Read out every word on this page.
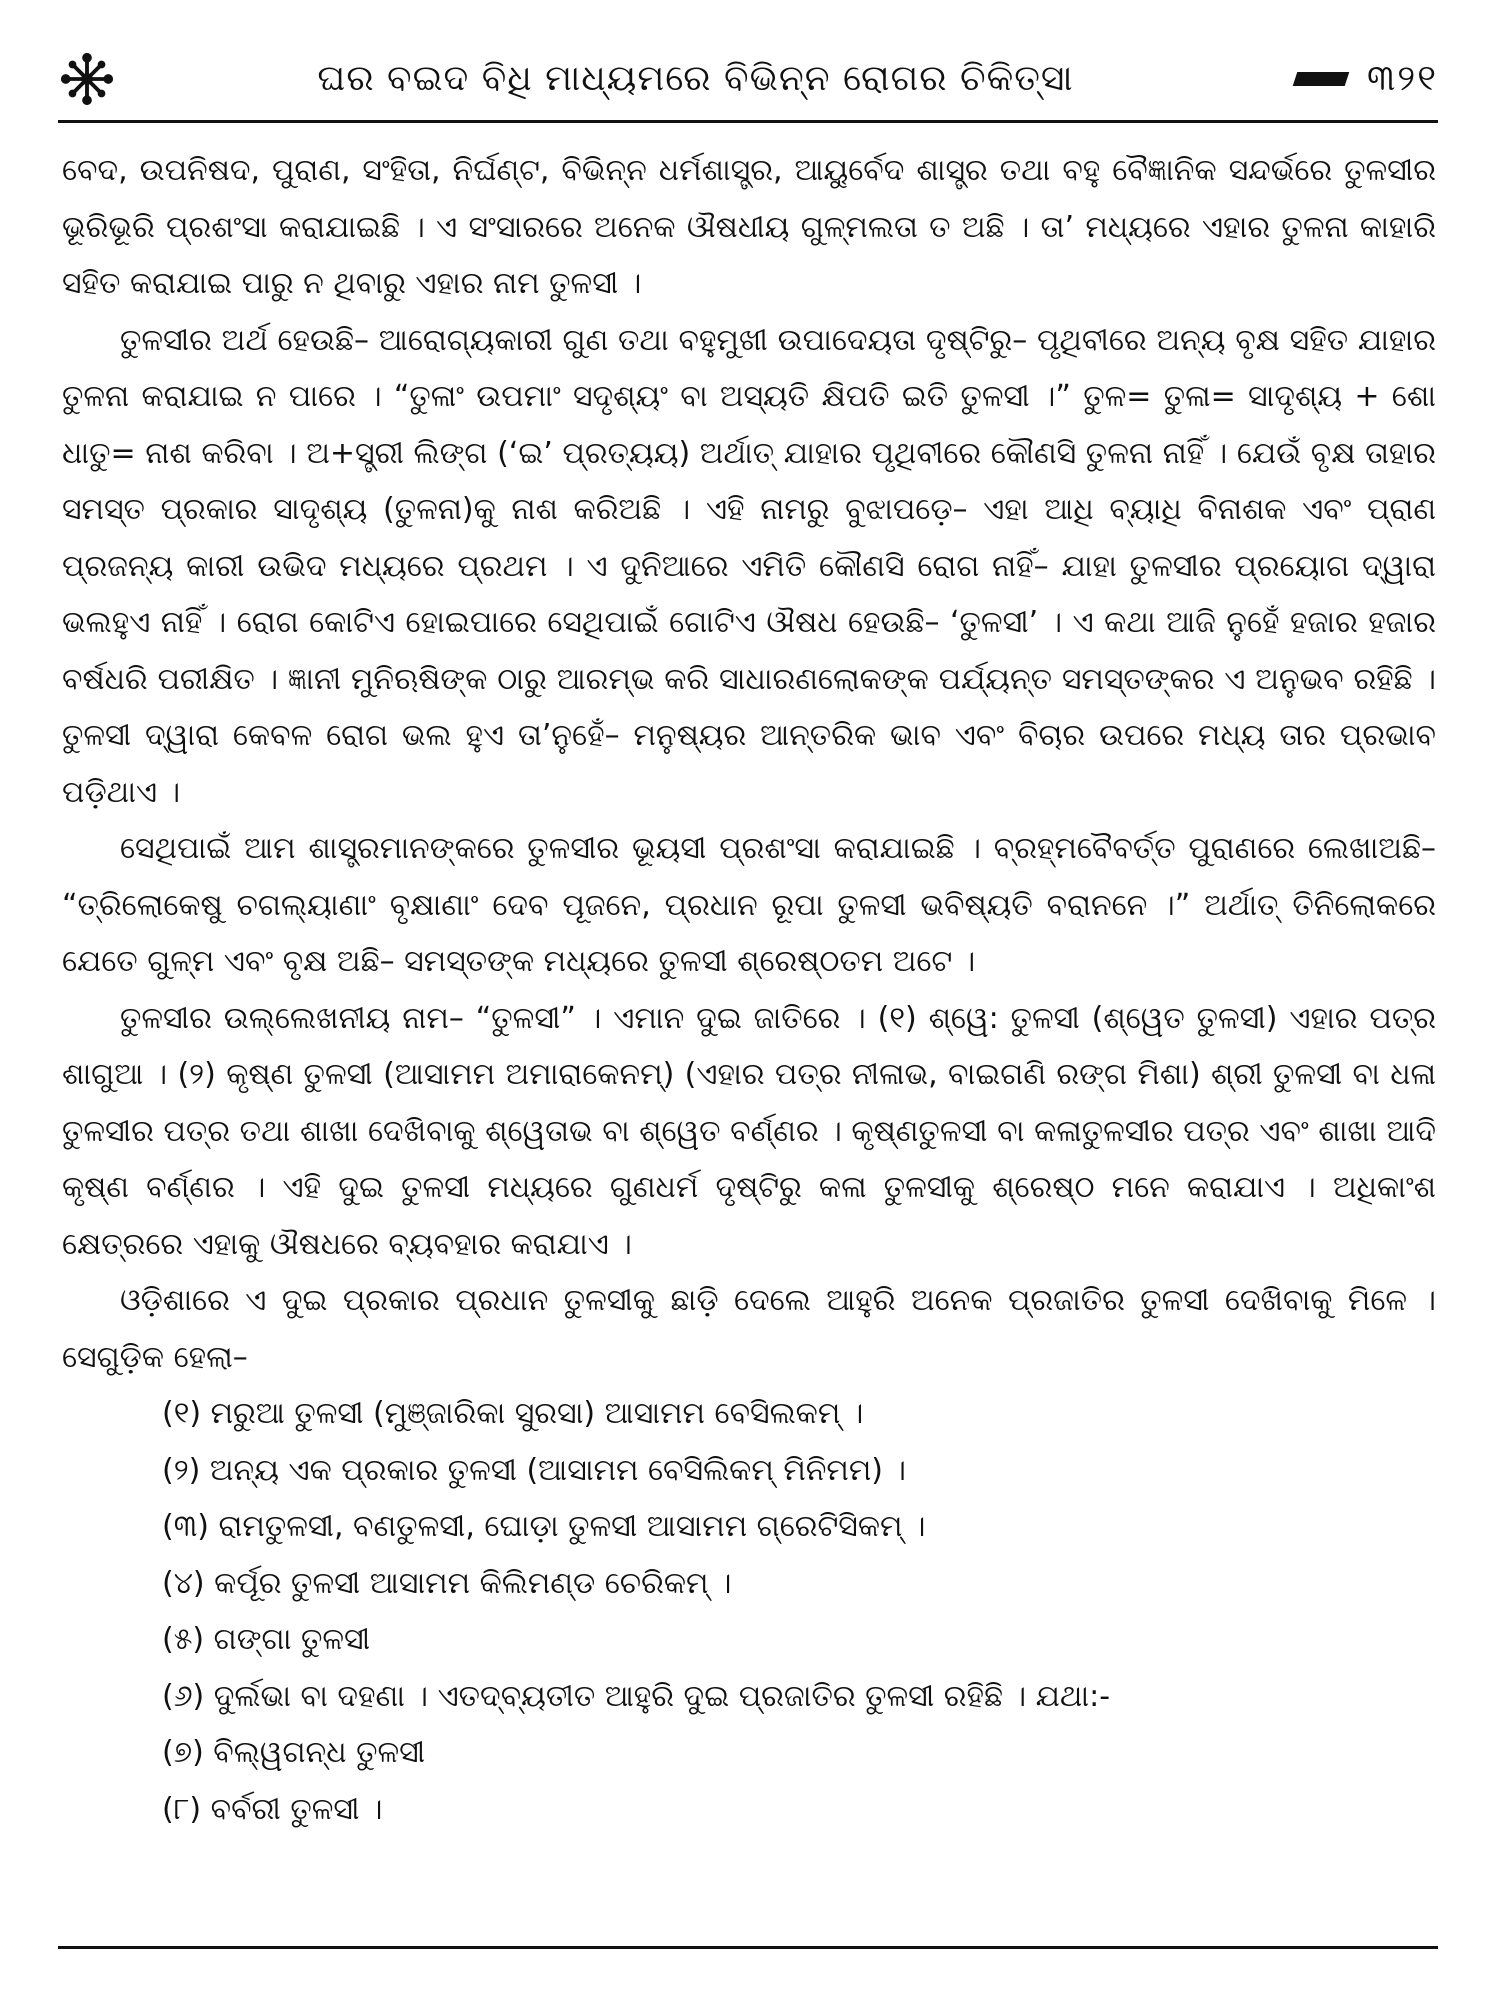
ଘର ବଇଦ ବିଧି ମାଧ୍ୟମରେ ବିଭିନ୍ନ ରୋଗର ଚିକିତ୍ସା	୩୨୧

ବେଦ, ଉପନିଷଦ, ପୁରାଣ, ସଂହିତା, ନିର୍ଘଣ୍ଟ, ବିଭିନ୍ନ ଧର୍ମଶାସ୍ତ୍ର, ଆୟୁର୍ବେଦ ଶାସ୍ତ୍ର ତଥା ବହୁ ବୈଜ୍ଞାନିକ ସନ୍ଦର୍ଭରେ ତୁଳସୀର ଭୂରିଭୂରି ପ୍ରଶଂସା କରାଯାଇଛି । ଏ ସଂସାରରେ ଅନେକ ଔଷଧୀୟ ଗୁଳ୍ମଲତା ତ ଅଛି । ତା’ ମଧ୍ୟରେ ଏହାର ତୁଳନା କାହାରି ସହିତ କରାଯାଇ ପାରୁ ନ ଥିବାରୁ ଏହାର ନାମ ତୁଳସୀ ।

ତୁଳସୀର ଅର୍ଥ ହେଉଛି– ଆରୋଗ୍ୟକାରୀ ଗୁଣ ତଥା ବହୁମୁଖୀ ଉପାଦେୟତା ଦୃଷ୍ଟିରୁ– ପୃଥିବୀରେ ଅନ୍ୟ ବୃକ୍ଷ ସହିତ ଯାହାର ତୁଳନା କରାଯାଇ ନ ପାରେ । “ତୁଳାଂ ଉପମାଂ ସଦୃଶ୍ୟଂ ବା ଅସ୍ୟତି କ୍ଷିପତି ଇତି ତୁଳସୀ ।” ତୁଳ= ତୁଳା= ସାଦୃଶ୍ୟ + ଶୋ ଧାତୁ= ନାଶ କରିବା । ଅ+ସ୍ତ୍ରୀ ଲିଙ୍ଗ (‘ଇ’ ପ୍ରତ୍ୟୟ) ଅର୍ଥାତ୍ ଯାହାର ପୃଥିବୀରେ କୌଣସି ତୁଳନା ନାହିଁ । ଯେଉଁ ବୃକ୍ଷ ତାହାର ସମସ୍ତ ପ୍ରକାର ସାଦୃଶ୍ୟ (ତୁଳନା)କୁ ନାଶ କରିଅଛି । ଏହି ନାମରୁ ବୁଝାପଡ଼େ– ଏହା ଆଧି ବ୍ୟାଧି ବିନାଶକ ଏବଂ ପ୍ରାଣ ପ୍ରଜନ୍ୟ କାରୀ ଉଭିଦ ମଧ୍ୟରେ ପ୍ରଥମ । ଏ ଦୁନିଆରେ ଏମିତି କୌଣସି ରୋଗ ନାହିଁ– ଯାହା ତୁଳସୀର ପ୍ରୟୋଗ ଦ୍ୱାରା ଭଲହୁଏ ନାହିଁ । ରୋଗ କୋଟିଏ ହୋଇପାରେ ସେଥିପାଇଁ ଗୋଟିଏ ଔଷଧ ହେଉଛି– ‘ତୁଳସୀ’ । ଏ କଥା ଆଜି ନୁହେଁ ହଜାର ହଜାର ବର୍ଷଧରି ପରୀକ୍ଷିତ । ଜ୍ଞାନୀ ମୁନିଋଷିଙ୍କ ଠାରୁ ଆରମ୍ଭ କରି ସାଧାରଣଲୋକଙ୍କ ପର୍ଯ୍ୟନ୍ତ ସମସ୍ତଙ୍କର ଏ ଅନୁଭବ ରହିଛି । ତୁଳସୀ ଦ୍ୱାରା କେବଳ ରୋଗ ଭଲ ହୁଏ ତା’ନୁହେଁ– ମନୁଷ୍ୟର ଆନ୍ତରିକ ଭାବ ଏବଂ ବିଚାର ଉପରେ ମଧ୍ୟ ତାର ପ୍ରଭାବ ପଡ଼ିଥାଏ ।

ସେଥିପାଇଁ ଆମ ଶାସ୍ତ୍ରମାନଙ୍କରେ ତୁଳସୀର ଭୂୟସୀ ପ୍ରଶଂସା କରାଯାଇଛି । ବ୍ରହ୍ମବୈବର୍ତ୍ତ ପୁରାଣରେ ଲେଖାଅଛି– “ତ୍ରିଲୋକେଷୁ ଚଗଲ୍ୟାଣାଂ ବୃକ୍ଷାଣାଂ ଦେବ ପୂଜନେ, ପ୍ରଧାନ ରୂପା ତୁଳସୀ ଭବିଷ୍ୟତି ବରାନନେ ।” ଅର୍ଥାତ୍ ତିନିଲୋକରେ ଯେତେ ଗୁଳ୍ମ ଏବଂ ବୃକ୍ଷ ଅଛି– ସମସ୍ତଙ୍କ ମଧ୍ୟରେ ତୁଳସୀ ଶ୍ରେଷ୍ଠତମ ଅଟେ ।

ତୁଳସୀର ଉଲ୍ଲେଖନୀୟ ନାମ– “ତୁଳସୀ” । ଏମାନ ଦୁଇ ଜାତିରେ । (୧) ଶ୍ୱେ: ତୁଳସୀ (ଶ୍ୱେତ ତୁଳସୀ) ଏହାର ପତ୍ର ଶାଗୁଆ । (୨) କୃଷ୍ଣ ତୁଳସୀ (ଆସାମମ ଅମାରାକେନମ୍) (ଏହାର ପତ୍ର ନୀଳାଭ, ବାଇଗଣି ରଙ୍ଗ ମିଶା) ଶ୍ରୀ ତୁଳସୀ ବା ଧଳା ତୁଳସୀର ପତ୍ର ତଥା ଶାଖା ଦେଖିବାକୁ ଶ୍ୱେତାଭ ବା ଶ୍ୱେତ ବର୍ଣ୍ଣର । କୃଷ୍ଣତୁଳସୀ ବା କଳାତୁଳସୀର ପତ୍ର ଏବଂ ଶାଖା ଆଦି କୃଷ୍ଣ ବର୍ଣ୍ଣର । ଏହି ଦୁଇ ତୁଳସୀ ମଧ୍ୟରେ ଗୁଣଧର୍ମ ଦୃଷ୍ଟିରୁ କଳା ତୁଳସୀକୁ ଶ୍ରେଷ୍ଠ ମନେ କରାଯାଏ । ଅଧିକାଂଶ କ୍ଷେତ୍ରରେ ଏହାକୁ ଔଷଧରେ ବ୍ୟବହାର କରାଯାଏ ।

ଓଡ଼ିଶାରେ ଏ ଦୁଇ ପ୍ରକାର ପ୍ରଧାନ ତୁଳସୀକୁ ଛାଡ଼ି ଦେଲେ ଆହୁରି ଅନେକ ପ୍ରଜାତିର ତୁଳସୀ ଦେଖିବାକୁ ମିଳେ । ସେଗୁଡ଼ିକ ହେଲା–

(୧) ମରୁଆ ତୁଳସୀ (ମୁଞ୍ଜାରିକା ସୁରସା) ଆସାମମ ବେସିଲକମ୍ ।
(୨) ଅନ୍ୟ ଏକ ପ୍ରକାର ତୁଳସୀ (ଆସାମମ ବେସିଲିକମ୍ ମିନିମମ) ।
(୩) ରାମତୁଳସୀ, ବଣତୁଳସୀ, ଘୋଡ଼ା ତୁଳସୀ ଆସାମମ ଗ୍ରେଟିସିକମ୍ ।
(୪) କର୍ପୂର ତୁଳସୀ ଆସାମମ କିଲିମଣ୍ଡ ଚେରିକମ୍ ।
(୫) ଗଙ୍ଗା ତୁଳସୀ
(୬) ଦୁର୍ଲଭା ବା ଦହଣା । ଏତଦ୍‌ବ୍ୟତୀତ ଆହୁରି ଦୁଇ ପ୍ରଜାତିର ତୁଳସୀ ରହିଛି । ଯଥା:-
(୭) ବିଲ୍ୱଗନ୍ଧ ତୁଳସୀ
(୮) ବର୍ବରୀ ତୁଳସୀ ।
